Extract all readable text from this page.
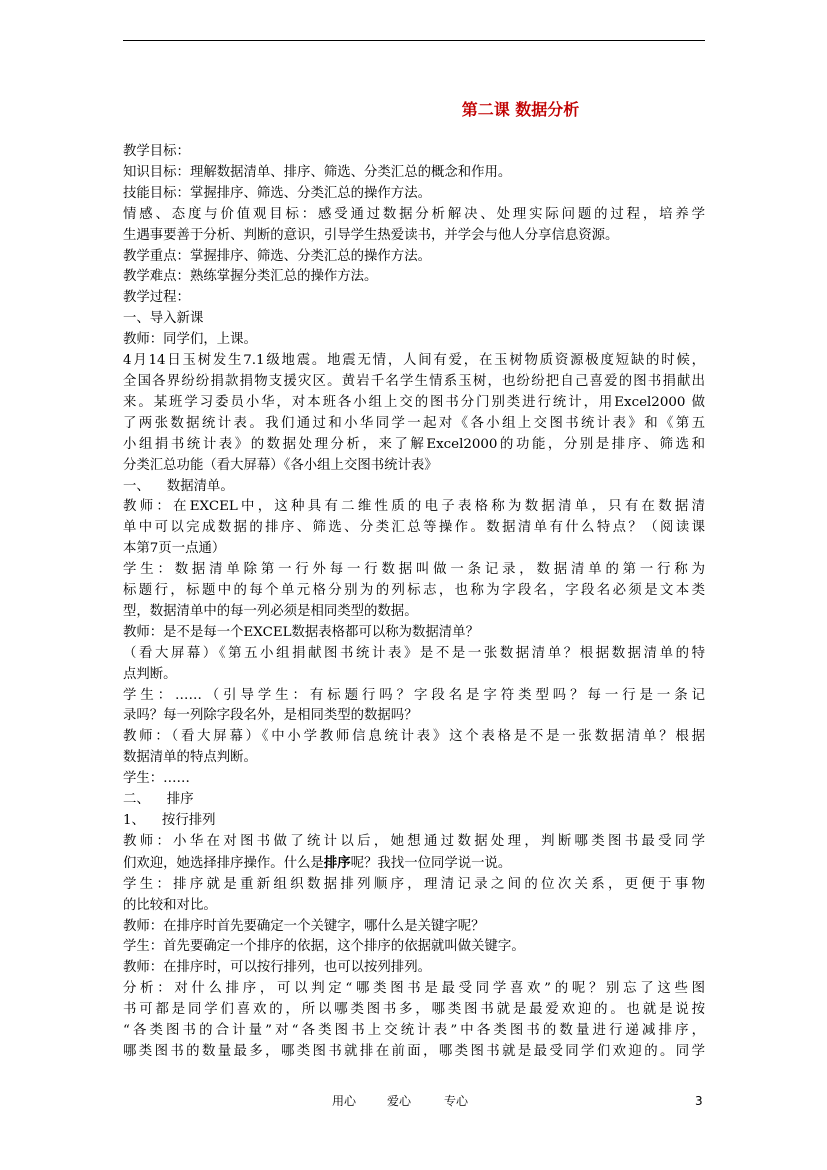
第二课 数据分析

教学目标：

知识目标：理解数据清单、排序、筛选、分类汇总的概念和作用。

技能目标：掌握排序、筛选、分类汇总的操作方法。

情感、态度与价值观目标：感受通过数据分析解决、处理实际问题的过程，培养学

生遇事要善于分析、判断的意识，引导学生热爱读书，并学会与他人分享信息资源。

教学重点：掌握排序、筛选、分类汇总的操作方法。

教学难点：熟练掌握分类汇总的操作方法。

教学过程：

一、导入新课

教师：同学们，上课。

4月14日玉树发生7.1级地震。地震无情，人间有爱，在玉树物质资源极度短缺的时候，

全国各界纷纷捐款捐物支援灾区。黄岩千名学生情系玉树，也纷纷把自己喜爱的图书捐献出

来。某班学习委员小华，对本班各小组上交的图书分门别类进行统计，用Excel2000 做

了两张数据统计表。我们通过和小华同学一起对《各小组上交图书统计表》和《第五

小组捐书统计表》的数据处理分析，来了解Excel2000的功能，分别是排序、筛选和

分类汇总功能（看大屏幕）《各小组上交图书统计表》

一、    数据清单。

教师：在EXCEL中，这种具有二维性质的电子表格称为数据清单，只有在数据清

单中可以完成数据的排序、筛选、分类汇总等操作。数据清单有什么特点？（阅读课

本第7页一点通）

学生：数据清单除第一行外每一行数据叫做一条记录，数据清单的第一行称为

标题行，标题中的每个单元格分别为的列标志，也称为字段名，字段名必须是文本类

型，数据清单中的每一列必须是相同类型的数据。

教师：是不是每一个EXCEL数据表格都可以称为数据清单？

（看大屏幕）《第五小组捐献图书统计表》是不是一张数据清单？根据数据清单的特

点判断。

学生：……（引导学生：有标题行吗？字段名是字符类型吗？每一行是一条记

录吗？每一列除字段名外，是相同类型的数据吗？

教师：（看大屏幕）《中小学教师信息统计表》这个表格是不是一张数据清单？根据

数据清单的特点判断。

学生：……

二、    排序

1、    按行排列

教师：小华在对图书做了统计以后，她想通过数据处理，判断哪类图书最受同学

们欢迎，她选择排序操作。什么是排序呢？我找一位同学说一说。

学生：排序就是重新组织数据排列顺序，理清记录之间的位次关系，更便于事物

的比较和对比。

教师：在排序时首先要确定一个关键字，哪什么是关键字呢？

学生：首先要确定一个排序的依据，这个排序的依据就叫做关键字。

教师：在排序时，可以按行排列，也可以按列排列。

分析：对什么排序，可以判定“哪类图书是最受同学喜欢”的呢？别忘了这些图

书可都是同学们喜欢的，所以哪类图书多，哪类图书就是最爱欢迎的。也就是说按

“各类图书的合计量”对“各类图书上交统计表”中各类图书的数量进行递减排序，

哪类图书的数量最多，哪类图书就排在前面，哪类图书就是最受同学们欢迎的。同学

用心	爱心	专心	3
